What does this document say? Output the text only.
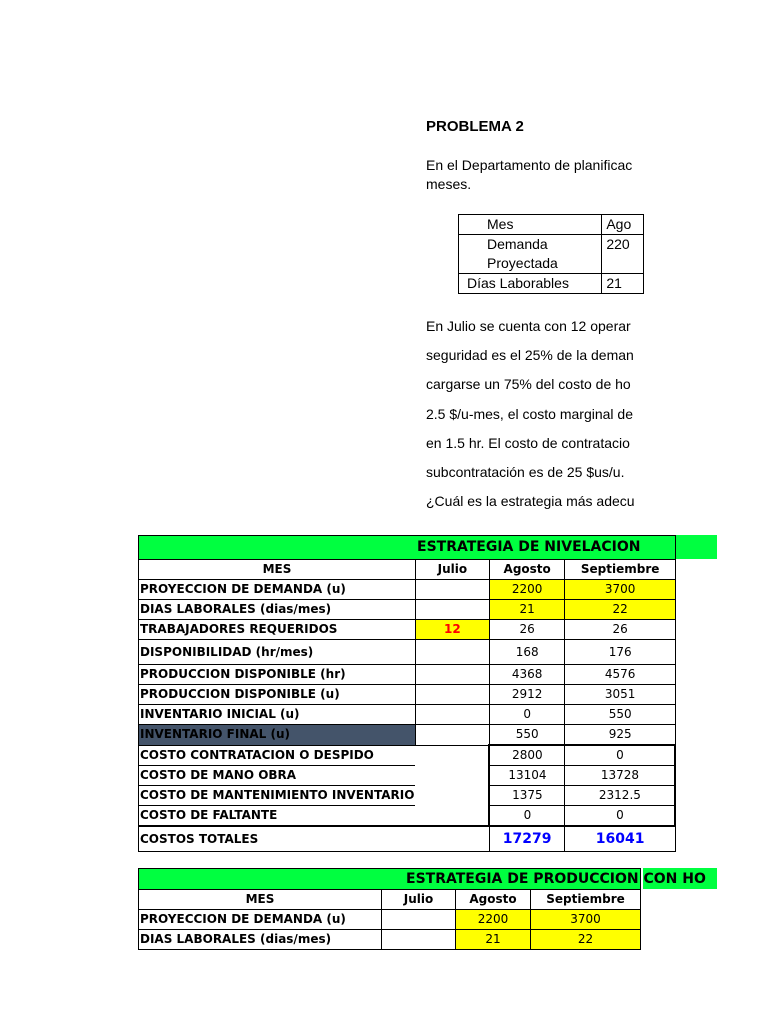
PROBLEMA 2
En el Departamento de planificac
meses.
Mes	Ago

Demanda
Proyectada	220
Días Laborables	21
En Julio se cuenta con 12 operar
seguridad es el 25% de la deman
cargarse un 75% del costo de ho
2.5 $/u-mes, el costo marginal de
en 1.5 hr. El costo de contratacio
subcontratación es de 25 $us/u.
¿Cuál es la estrategia más adecu
ESTRATEGIA DE NIVELACION			

MES	Julio	Agosto	Septiembre
PROYECCION DE DEMANDA (u)		2200	3700
DIAS LABORALES (dias/mes)		21	22
TRABAJADORES REQUERIDOS	12	26	26
DISPONIBILIDAD (hr/mes)		168	176
PRODUCCION DISPONIBLE (hr)		4368	4576
PRODUCCION DISPONIBLE (u)		2912	3051
INVENTARIO INICIAL (u)		0	550
INVENTARIO FINAL (u)		550	925
COSTO CONTRATACION O DESPIDO		2800	0
COSTO DE MANO OBRA		13104	13728
COSTO DE MANTENIMIENTO INVENTARIO		1375	2312.5
COSTO DE FALTANTE		0	0
COSTOS TOTALES		17279	16041
ESTRATEGIA DE PRODUCCION CON HO			

MES	Julio	Agosto	Septiembre
PROYECCION DE DEMANDA (u)		2200	3700
DIAS LABORALES (dias/mes)		21	22
